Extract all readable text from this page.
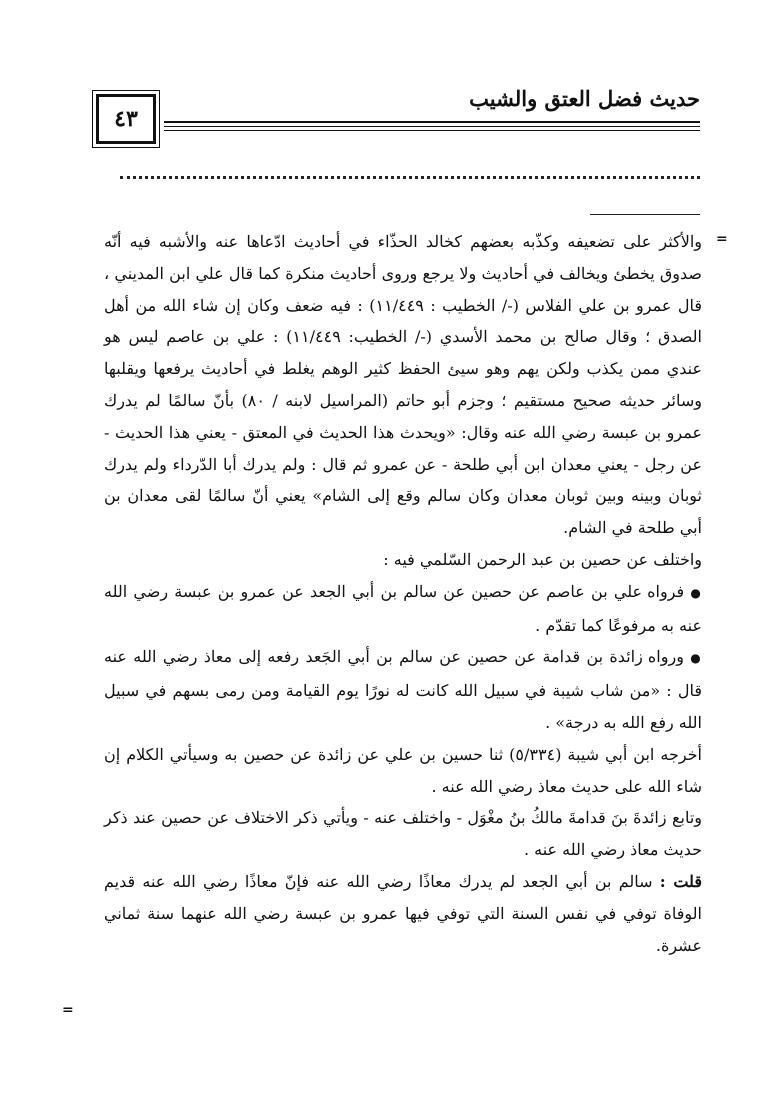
حديث فضل العتق والشيب
٤٣
=
=

والأكثر على تضعيفه وكذّبه بعضهم كخالد الحذّاء في أحاديث ادّعاها عنه والأشبه فيه أنّه صدوق يخطئ ويخالف في أحاديث ولا يرجع وروى أحاديث منكرة كما قال علي ابن المديني ، قال عمرو بن علي الفلاس (-/ الخطيب : ١١/٤٤٩) : فيه ضعف وكان إن شاء الله من أهل الصدق ؛ وقال صالح بن محمد الأسدي (-/ الخطيب: ١١/٤٤٩) : علي بن عاصم ليس هو عندي ممن يكذب ولكن يهم وهو سيئ الحفظ كثير الوهم يغلط في أحاديث يرفعها ويقلبها وسائر حديثه صحيح مستقيم ؛ وجزم أبو حاتم (المراسيل لابنه / ٨٠) بأنّ سالمًا لم يدرك عمرو بن عبسة رضي الله عنه وقال: «ويحدث هذا الحديث في المعتق - يعني هذا الحديث - عن رجل - يعني معدان ابن أبي طلحة - عن عمرو ثم قال : ولم يدرك أبا الدّرداء ولم يدرك ثوبان وبينه وبين ثوبان معدان وكان سالم وقع إلى الشام» يعني أنّ سالمًا لقى معدان بن أبي طلحة في الشام.

واختلف عن حصين بن عبد الرحمن السّلمي فيه :

● فرواه علي بن عاصم عن حصين عن سالم بن أبي الجعد عن عمرو بن عبسة رضي الله عنه به مرفوعًا كما تقدّم .

● ورواه زائدة بن قدامة عن حصين عن سالم بن أبي الجَعد رفعه إلى معاذ رضي الله عنه قال : «من شاب شيبة في سبيل الله كانت له نورًا يوم القيامة ومن رمى بسهم في سبيل الله رفع الله به درجة» .

أخرجه ابن أبي شيبة (٥/٣٣٤) ثنا حسين بن علي عن زائدة عن حصين به وسيأتي الكلام إن شاء الله على حديث معاذ رضي الله عنه .

وتابع زائدةَ بنَ قدامةَ مالكُ بنُ مغْوَل - واختلف عنه - ويأتي ذكر الاختلاف عن حصين عند ذكر حديث معاذ رضي الله عنه .

قلت : سالم بن أبي الجعد لم يدرك معاذًا رضي الله عنه فإنّ معاذًا رضي الله عنه قديم الوفاة توفي في نفس السنة التي توفي فيها عمرو بن عبسة رضي الله عنهما سنة ثماني عشرة.
